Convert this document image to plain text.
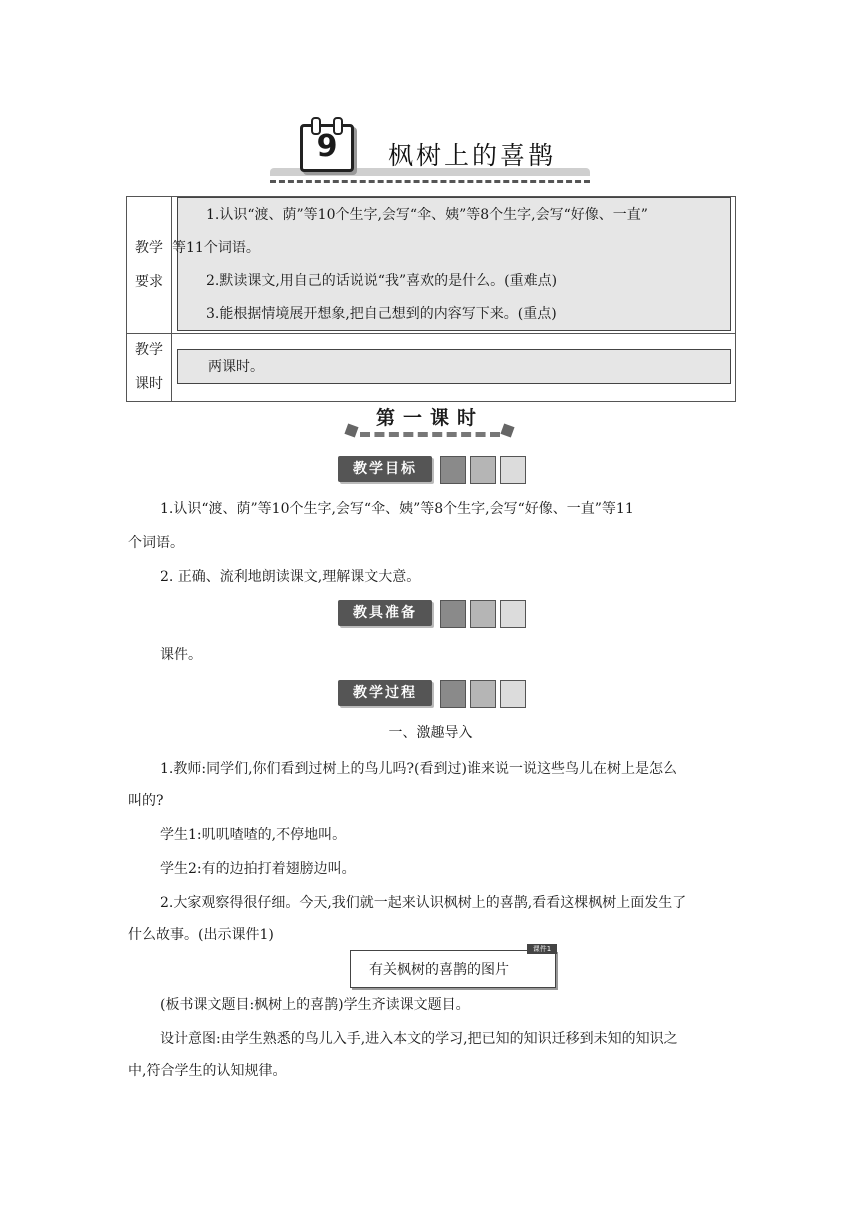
9	枫树上的喜鹊
教学
要求
1.认识“渡、荫”等10个生字,会写“伞、姨”等8个生字,会写“好像、一直”
等11个词语。
2.默读课文,用自己的话说说“我”喜欢的是什么。(重难点)
3.能根据情境展开想象,把自己想到的内容写下来。(重点)
教学
课时
两课时。
第一课时
教学目标
1.认识“渡、荫”等10个生字,会写“伞、姨”等8个生字,会写“好像、一直”等11
个词语。
2. 正确、流利地朗读课文,理解课文大意。
教具准备
课件。
教学过程
一、激趣导入
1.教师:同学们,你们看到过树上的鸟儿吗?(看到过)谁来说一说这些鸟儿在树上是怎么
叫的?
学生1:叽叽喳喳的,不停地叫。
学生2:有的边拍打着翅膀边叫。
2.大家观察得很仔细。今天,我们就一起来认识枫树上的喜鹊,看看这棵枫树上面发生了
什么故事。(出示课件1)
课件1
有关枫树的喜鹊的图片
(板书课文题目:枫树上的喜鹊)学生齐读课文题目。
设计意图:由学生熟悉的鸟儿入手,进入本文的学习,把已知的知识迁移到未知的知识之
中,符合学生的认知规律。
